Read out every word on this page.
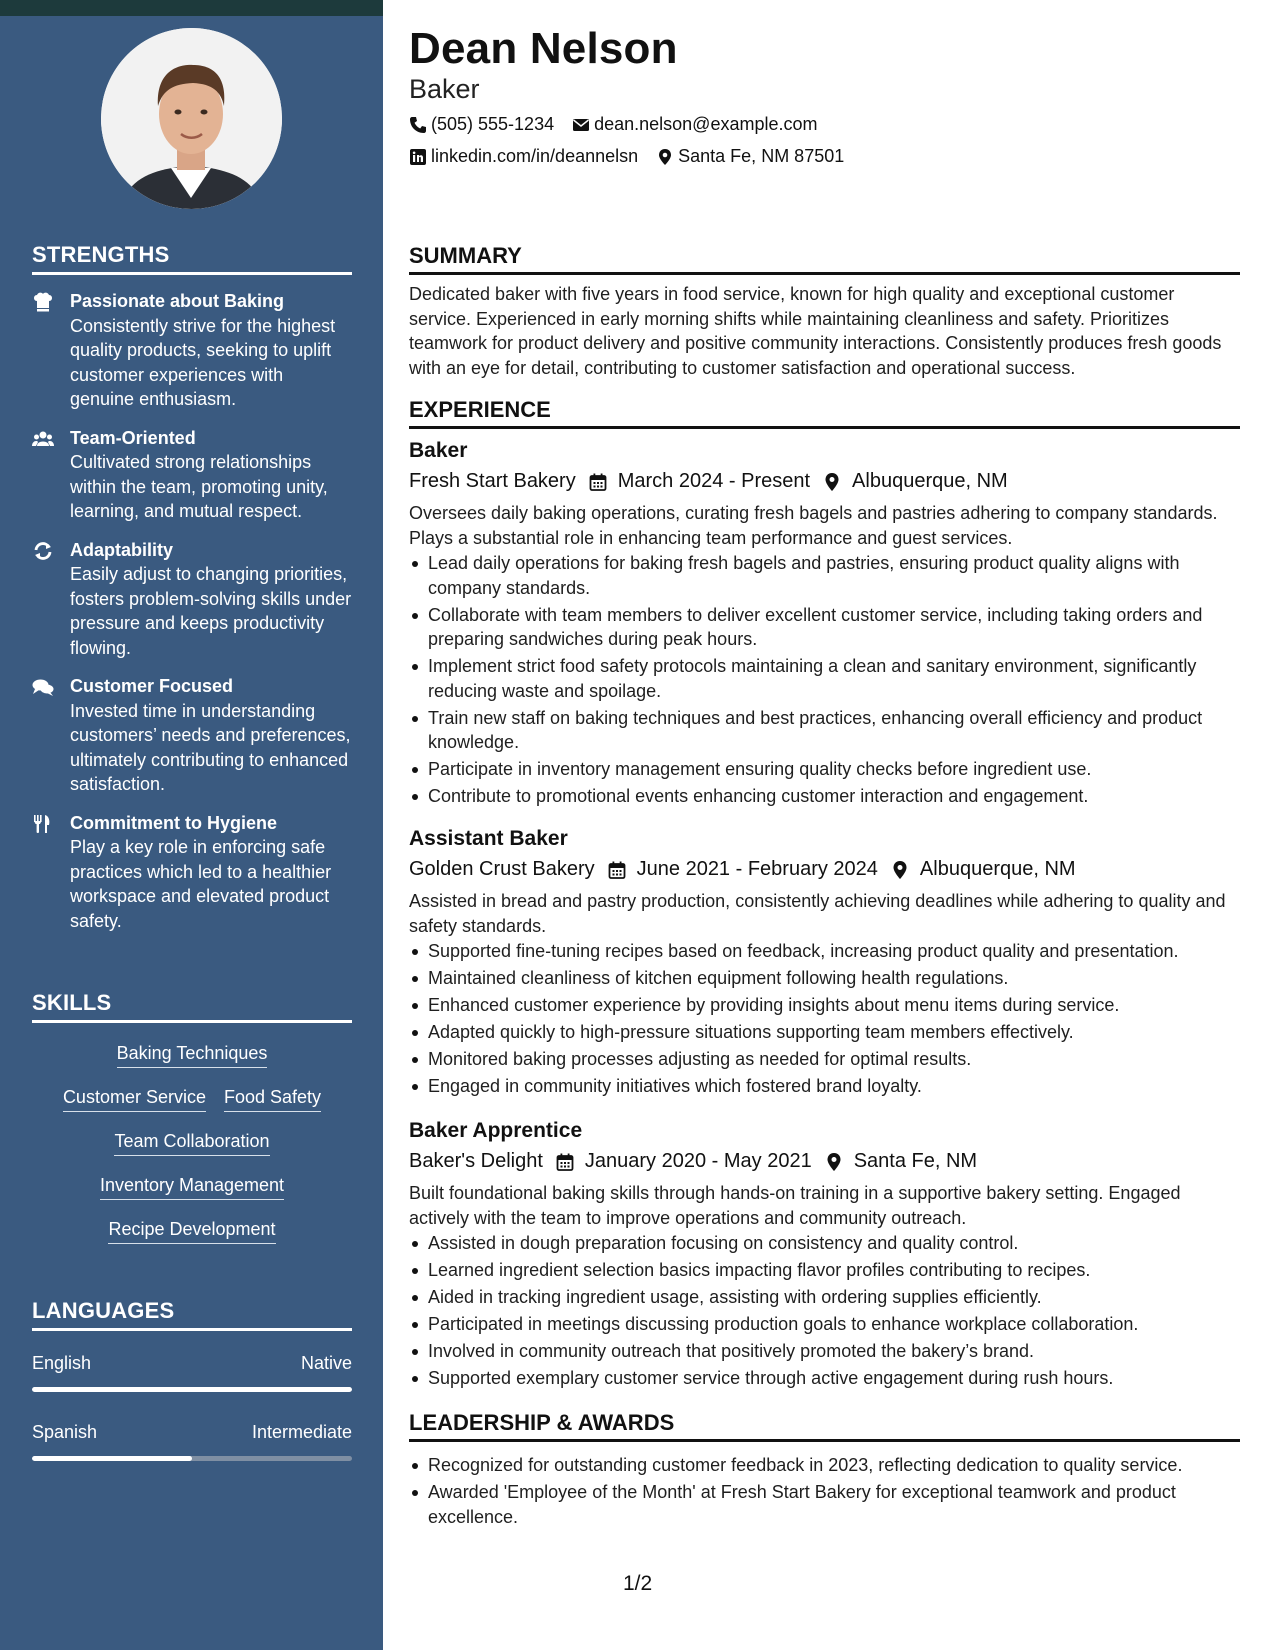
STRENGTHS
Passionate about Baking
Consistently strive for the highest quality products, seeking to uplift customer experiences with genuine enthusiasm.
Team-Oriented
Cultivated strong relationships within the team, promoting unity, learning, and mutual respect.
Adaptability
Easily adjust to changing priorities, fosters problem-solving skills under pressure and keeps productivity flowing.
Customer Focused
Invested time in understanding customers’ needs and preferences, ultimately contributing to enhanced satisfaction.
Commitment to Hygiene
Play a key role in enforcing safe practices which led to a healthier workspace and elevated product safety.
SKILLS
Baking Techniques
Customer Service Food Safety
Team Collaboration
Inventory Management
Recipe Development
LANGUAGES
English	Native
Spanish	Intermediate
Dean Nelson
Baker
(505) 555-1234 dean.nelson@example.com
linkedin.com/in/deannelsn Santa Fe, NM 87501
SUMMARY
Dedicated baker with five years in food service, known for high quality and exceptional customer service. Experienced in early morning shifts while maintaining cleanliness and safety. Prioritizes teamwork for product delivery and positive community interactions. Consistently produces fresh goods with an eye for detail, contributing to customer satisfaction and operational success.
EXPERIENCE
Baker
Fresh Start Bakery March 2024 - Present Albuquerque, NM
Oversees daily baking operations, curating fresh bagels and pastries adhering to company standards. Plays a substantial role in enhancing team performance and guest services.
Lead daily operations for baking fresh bagels and pastries, ensuring product quality aligns with company standards.
Collaborate with team members to deliver excellent customer service, including taking orders and preparing sandwiches during peak hours.
Implement strict food safety protocols maintaining a clean and sanitary environment, significantly reducing waste and spoilage.
Train new staff on baking techniques and best practices, enhancing overall efficiency and product knowledge.
Participate in inventory management ensuring quality checks before ingredient use.
Contribute to promotional events enhancing customer interaction and engagement.
Assistant Baker
Golden Crust Bakery June 2021 - February 2024 Albuquerque, NM
Assisted in bread and pastry production, consistently achieving deadlines while adhering to quality and safety standards.
Supported fine-tuning recipes based on feedback, increasing product quality and presentation.
Maintained cleanliness of kitchen equipment following health regulations.
Enhanced customer experience by providing insights about menu items during service.
Adapted quickly to high-pressure situations supporting team members effectively.
Monitored baking processes adjusting as needed for optimal results.
Engaged in community initiatives which fostered brand loyalty.
Baker Apprentice
Baker's Delight January 2020 - May 2021 Santa Fe, NM
Built foundational baking skills through hands-on training in a supportive bakery setting. Engaged actively with the team to improve operations and community outreach.
Assisted in dough preparation focusing on consistency and quality control.
Learned ingredient selection basics impacting flavor profiles contributing to recipes.
Aided in tracking ingredient usage, assisting with ordering supplies efficiently.
Participated in meetings discussing production goals to enhance workplace collaboration.
Involved in community outreach that positively promoted the bakery’s brand.
Supported exemplary customer service through active engagement during rush hours.
LEADERSHIP & AWARDS
Recognized for outstanding customer feedback in 2023, reflecting dedication to quality service.
Awarded 'Employee of the Month' at Fresh Start Bakery for exceptional teamwork and product excellence.
1/2
